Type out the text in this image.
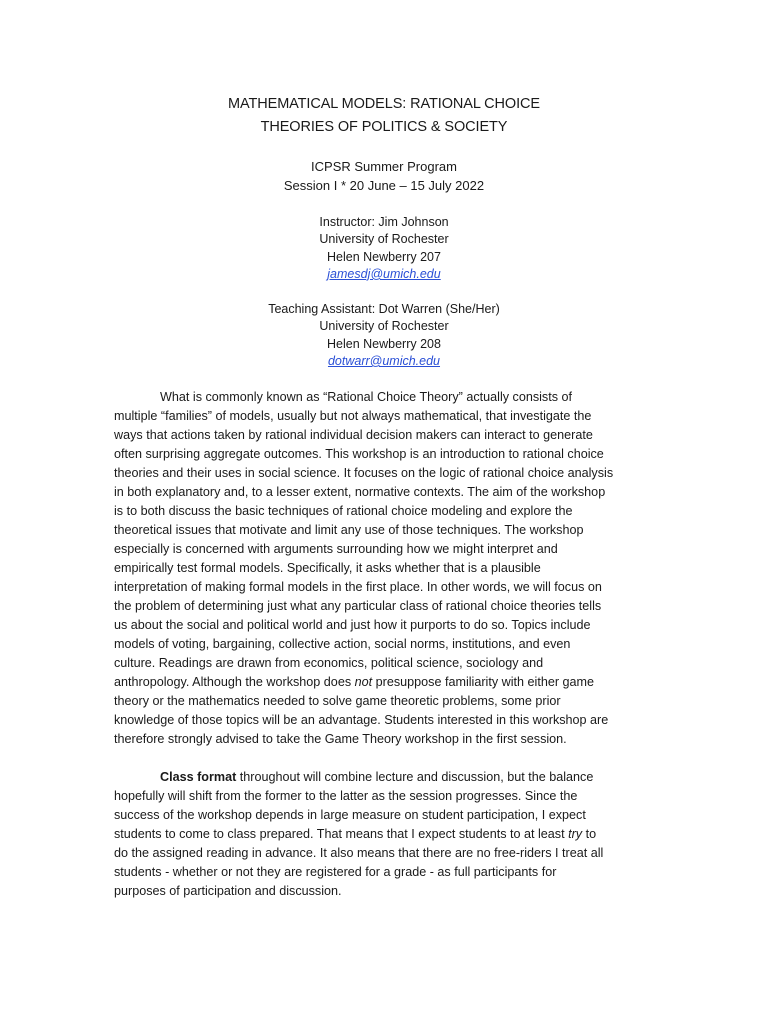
MATHEMATICAL MODELS: RATIONAL CHOICE
THEORIES OF POLITICS & SOCIETY
ICPSR Summer Program
Session I * 20 June – 15 July 2022
Instructor: Jim Johnson
University of Rochester
Helen Newberry 207
jamesdj@umich.edu
Teaching Assistant: Dot Warren (She/Her)
University of Rochester
Helen Newberry 208
dotwarr@umich.edu

What is commonly known as “Rational Choice Theory” actually consists of
multiple “families” of models, usually but not always mathematical, that investigate the
ways that actions taken by rational individual decision makers can interact to generate
often surprising aggregate outcomes. This workshop is an introduction to rational choice
theories and their uses in social science. It focuses on the logic of rational choice analysis
in both explanatory and, to a lesser extent, normative contexts. The aim of the workshop
is to both discuss the basic techniques of rational choice modeling and explore the
theoretical issues that motivate and limit any use of those techniques. The workshop
especially is concerned with arguments surrounding how we might interpret and
empirically test formal models. Specifically, it asks whether that is a plausible
interpretation of making formal models in the first place. In other words, we will focus on
the problem of determining just what any particular class of rational choice theories tells
us about the social and political world and just how it purports to do so. Topics include
models of voting, bargaining, collective action, social norms, institutions, and even
culture. Readings are drawn from economics, political science, sociology and
anthropology. Although the workshop does not presuppose familiarity with either game
theory or the mathematics needed to solve game theoretic problems, some prior
knowledge of those topics will be an advantage. Students interested in this workshop are
therefore strongly advised to take the Game Theory workshop in the first session.

Class format throughout will combine lecture and discussion, but the balance
hopefully will shift from the former to the latter as the session progresses. Since the
success of the workshop depends in large measure on student participation, I expect
students to come to class prepared. That means that I expect students to at least try to
do the assigned reading in advance. It also means that there are no free-riders I treat all
students - whether or not they are registered for a grade - as full participants for
purposes of participation and discussion.
